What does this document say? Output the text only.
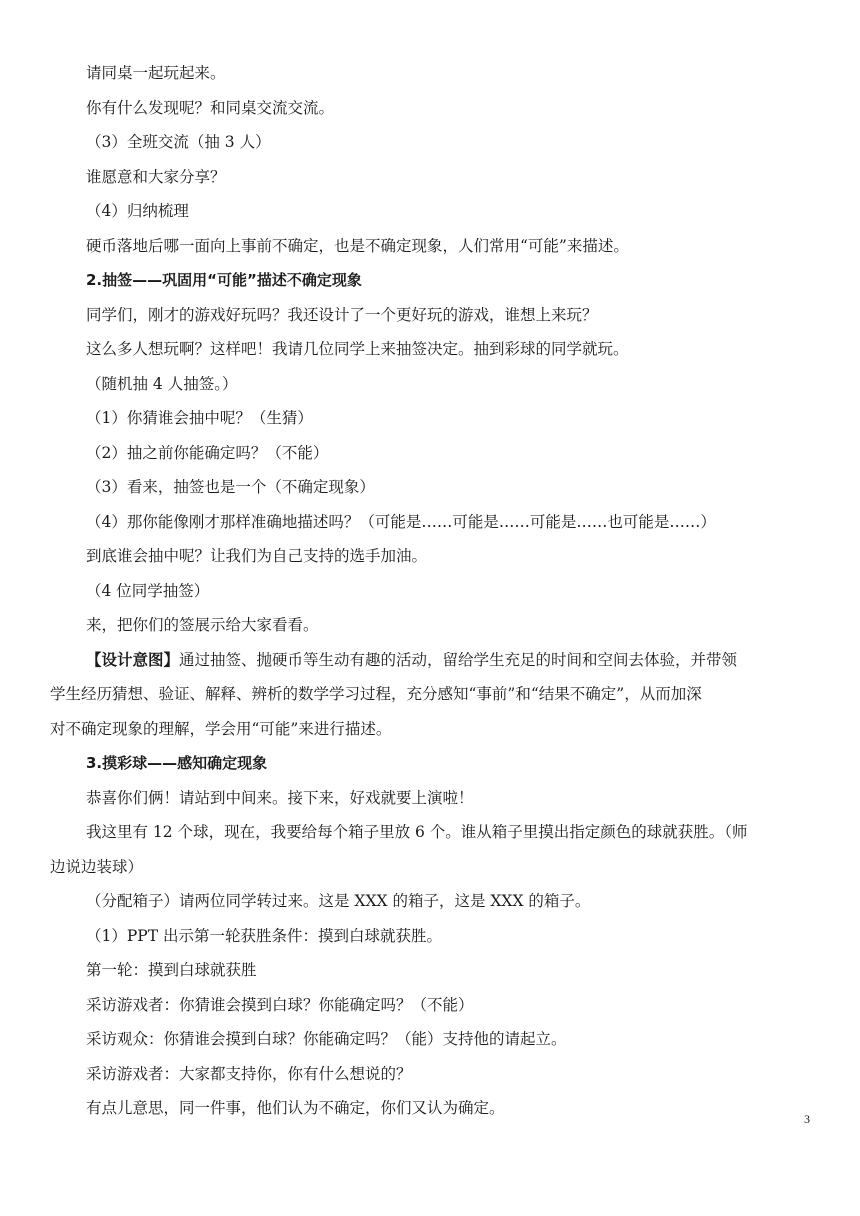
请同桌一起玩起来。
你有什么发现呢？和同桌交流交流。
（3）全班交流（抽 3 人）
谁愿意和大家分享？
（4）归纳梳理
硬币落地后哪一面向上事前不确定，也是不确定现象，人们常用“可能”来描述。
2.抽签——巩固用“可能”描述不确定现象
同学们，刚才的游戏好玩吗？我还设计了一个更好玩的游戏，谁想上来玩？
这么多人想玩啊？这样吧！我请几位同学上来抽签决定。抽到彩球的同学就玩。
（随机抽 4 人抽签。）
（1）你猜谁会抽中呢？（生猜）
（2）抽之前你能确定吗？（不能）
（3）看来，抽签也是一个（不确定现象）
（4）那你能像刚才那样准确地描述吗？（可能是……可能是……可能是……也可能是……）
到底谁会抽中呢？让我们为自己支持的选手加油。
（4 位同学抽签）
来，把你们的签展示给大家看看。
【设计意图】通过抽签、抛硬币等生动有趣的活动，留给学生充足的时间和空间去体验，并带领
学生经历猜想、验证、解释、辨析的数学学习过程，充分感知“事前”和“结果不确定”，从而加深
对不确定现象的理解，学会用“可能”来进行描述。
3.摸彩球——感知确定现象
恭喜你们俩！请站到中间来。接下来，好戏就要上演啦！
我这里有 12 个球，现在，我要给每个箱子里放 6 个。谁从箱子里摸出指定颜色的球就获胜。（师
边说边装球）
（分配箱子）请两位同学转过来。这是 XXX 的箱子，这是 XXX 的箱子。
（1）PPT 出示第一轮获胜条件：摸到白球就获胜。
第一轮：摸到白球就获胜
采访游戏者：你猜谁会摸到白球？你能确定吗？（不能）
采访观众：你猜谁会摸到白球？你能确定吗？（能）支持他的请起立。
采访游戏者：大家都支持你，你有什么想说的？
有点儿意思，同一件事，他们认为不确定，你们又认为确定。
3
